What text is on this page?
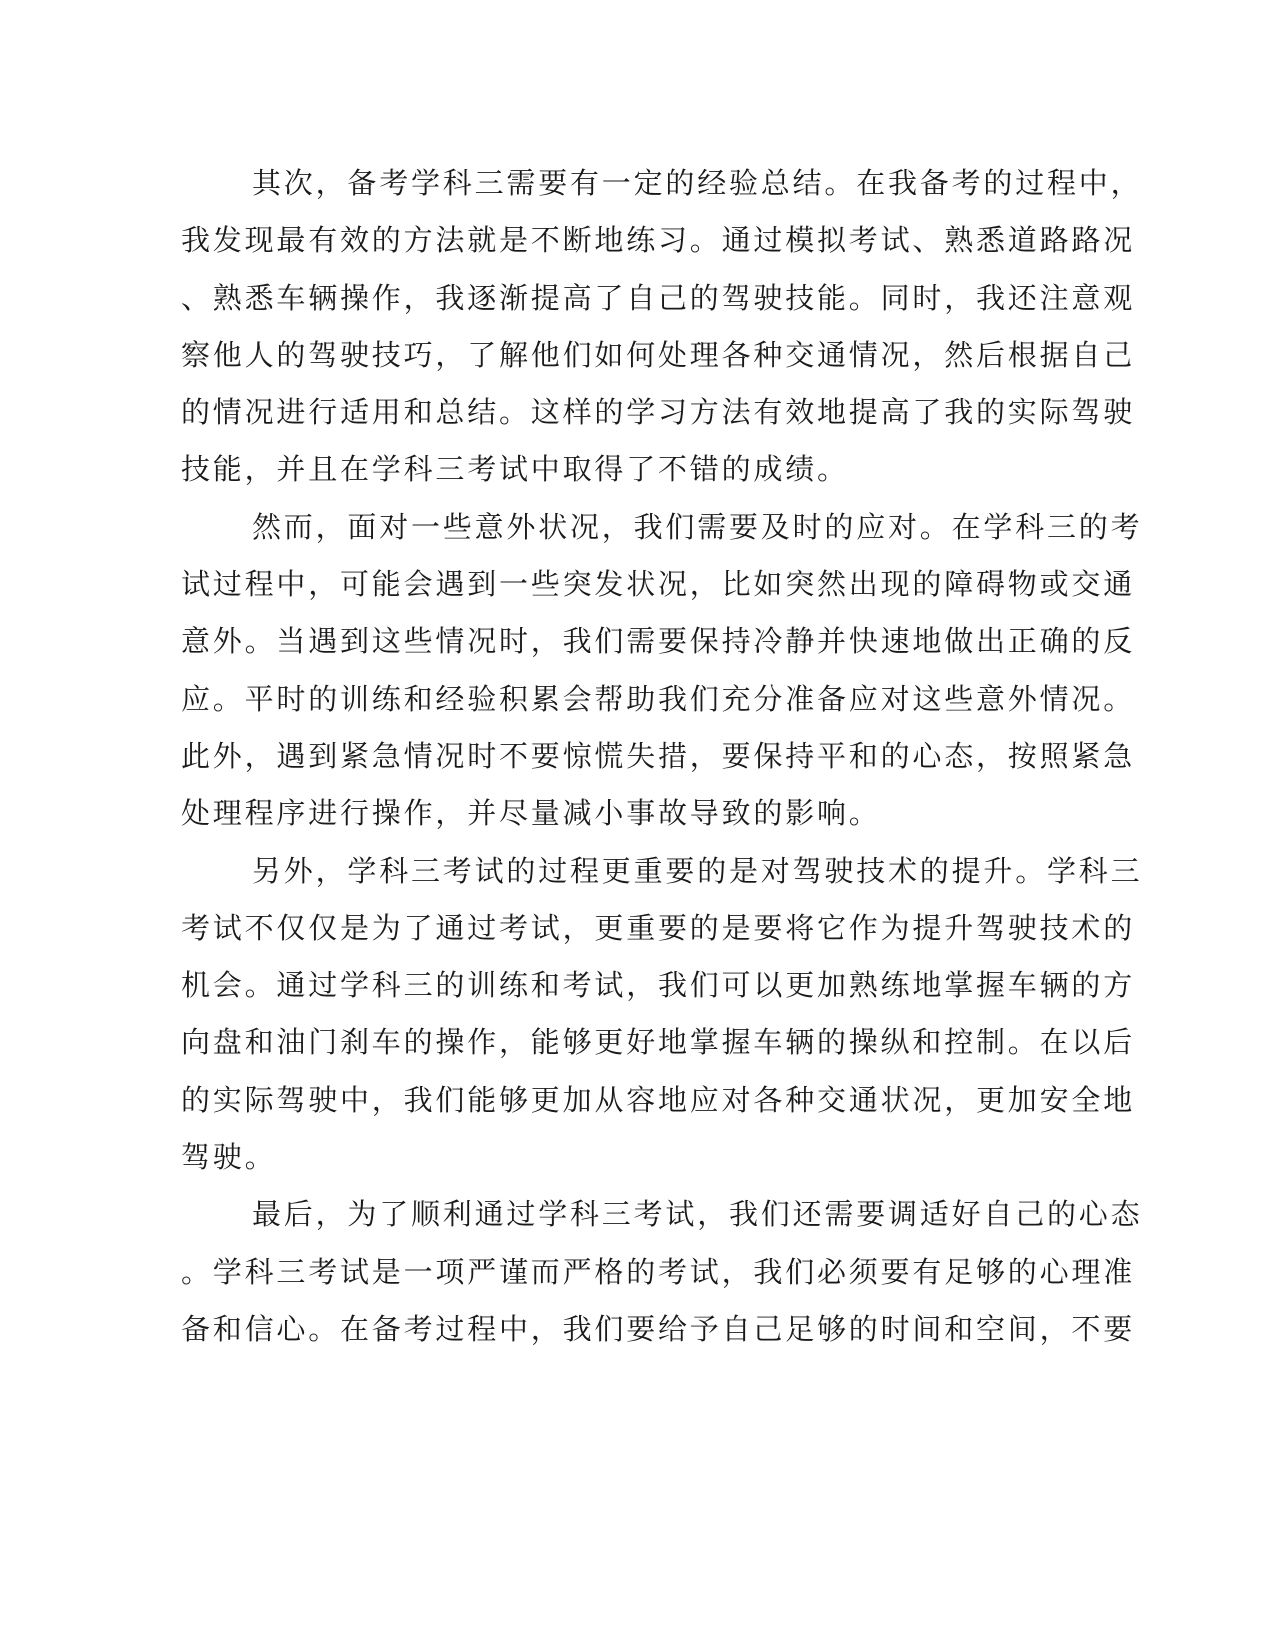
其次，备考学科三需要有一定的经验总结。在我备考的过程中，
我发现最有效的方法就是不断地练习。通过模拟考试、熟悉道路路况
、熟悉车辆操作，我逐渐提高了自己的驾驶技能。同时，我还注意观
察他人的驾驶技巧，了解他们如何处理各种交通情况，然后根据自己
的情况进行适用和总结。这样的学习方法有效地提高了我的实际驾驶
技能，并且在学科三考试中取得了不错的成绩。
然而，面对一些意外状况，我们需要及时的应对。在学科三的考
试过程中，可能会遇到一些突发状况，比如突然出现的障碍物或交通
意外。当遇到这些情况时，我们需要保持冷静并快速地做出正确的反
应。平时的训练和经验积累会帮助我们充分准备应对这些意外情况。
此外，遇到紧急情况时不要惊慌失措，要保持平和的心态，按照紧急
处理程序进行操作，并尽量减小事故导致的影响。
另外，学科三考试的过程更重要的是对驾驶技术的提升。学科三
考试不仅仅是为了通过考试，更重要的是要将它作为提升驾驶技术的
机会。通过学科三的训练和考试，我们可以更加熟练地掌握车辆的方
向盘和油门刹车的操作，能够更好地掌握车辆的操纵和控制。在以后
的实际驾驶中，我们能够更加从容地应对各种交通状况，更加安全地
驾驶。
最后，为了顺利通过学科三考试，我们还需要调适好自己的心态
。学科三考试是一项严谨而严格的考试，我们必须要有足够的心理准
备和信心。在备考过程中，我们要给予自己足够的时间和空间，不要
